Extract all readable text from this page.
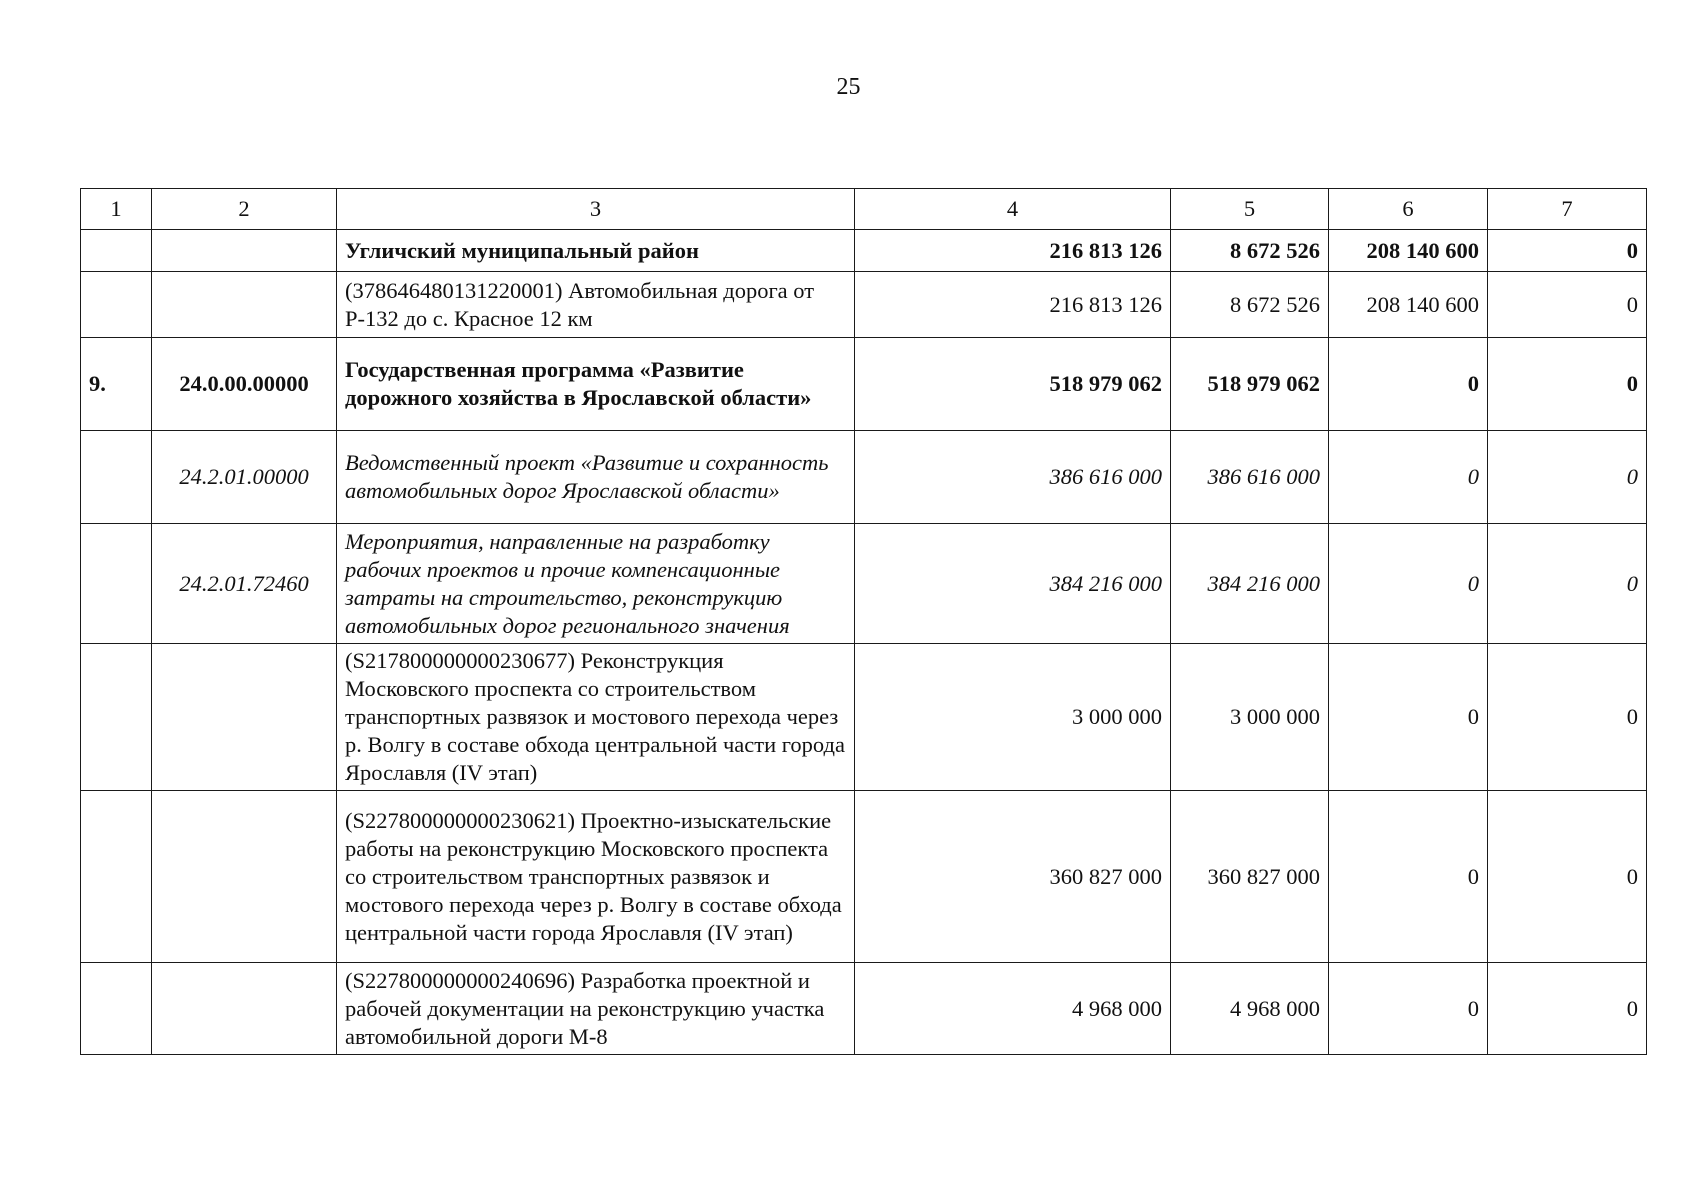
25
1	2	3	4	5	6	7
		Угличский муниципальный район	216 813 126	8 672 526	208 140 600	0
		(378646480131220001) Автомобильная дорога от Р-132 до с. Красное 12 км	216 813 126	8 672 526	208 140 600	0
9.	24.0.00.00000	Государственная программа «Развитие дорожного хозяйства в Ярославской области»	518 979 062	518 979 062	0	0
	24.2.01.00000	Ведомственный проект «Развитие и сохранность автомобильных дорог Ярославской области»	386 616 000	386 616 000	0	0
	24.2.01.72460	Мероприятия, направленные на разработку рабочих проектов и прочие компенсационные затраты на строительство, реконструкцию автомобильных дорог регионального значения	384 216 000	384 216 000	0	0
		(S217800000000230677) Реконструкция Московского проспекта со строительством транспортных развязок и мостового перехода через р. Волгу в составе обхода центральной части города Ярославля (IV этап)	3 000 000	3 000 000	0	0
		(S227800000000230621) Проектно-изыскательские работы на реконструкцию Московского проспекта со строительством транспортных развязок и мостового перехода через р. Волгу в составе обхода центральной части города Ярославля (IV этап)	360 827 000	360 827 000	0	0
		(S227800000000240696) Разработка проектной и рабочей документации на реконструкцию участка автомобильной дороги М-8	4 968 000	4 968 000	0	0
